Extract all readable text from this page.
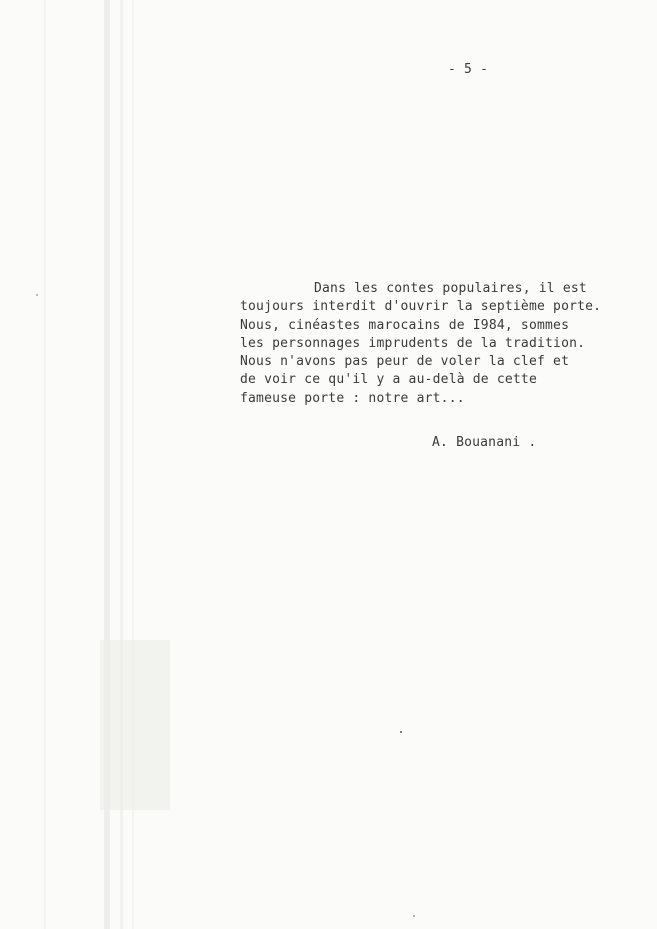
- 5 -
Dans les contes populaires, il est
toujours interdit d'ouvrir la septième porte.
Nous, cinéastes marocains de I984, sommes
les personnages imprudents de la tradition.
Nous n'avons pas peur de voler la clef et
de voir ce qu'il y a au-delà de cette
fameuse porte : notre art...
A. Bouanani .
